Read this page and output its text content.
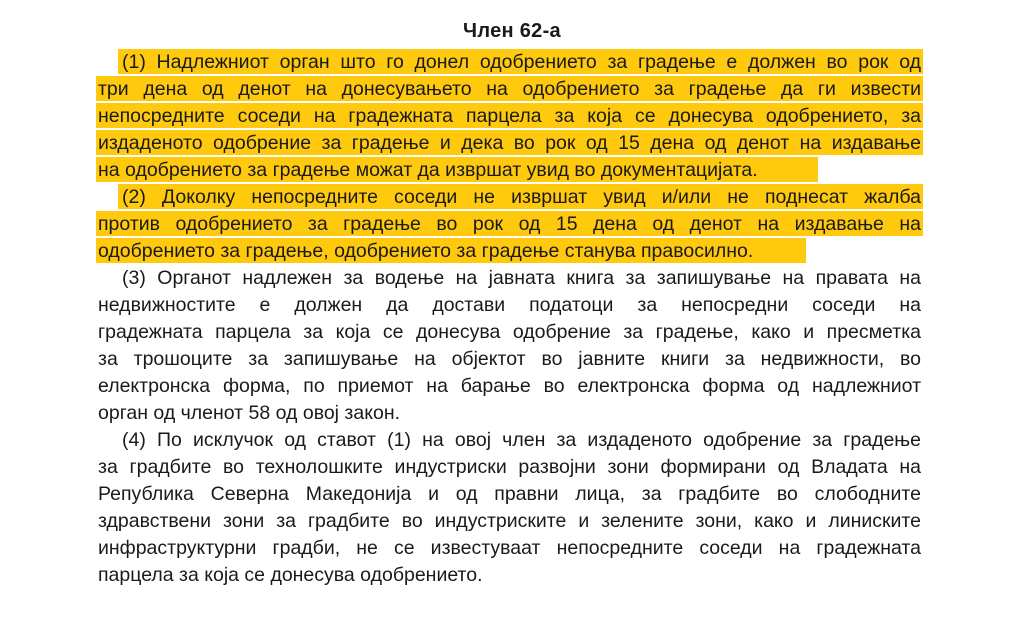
Член 62-а
(1) Надлежниот орган што го донел одобрението за градење е должен во рок од
три дена од денот на донесувањето на одобрението за градење да ги извести
непосредните соседи на градежната парцела за која се донесува одобрението, за
издаденото одобрение за градење и дека во рок од 15 дена од денот на издавање
на одобрението за градење можат да извршат увид во документацијата.
(2) Доколку непосредните соседи не извршат увид и/или не поднесат жалба
против одобрението за градење во рок од 15 дена од денот на издавање на
одобрението за градење, одобрението за градење станува правосилно.
(3) Органот надлежен за водење на јавната книга за запишување на правата на
недвижностите е должен да достави податоци за непосредни соседи на
градежната парцела за која се донесува одобрение за градење, како и пресметка
за трошоците за запишување на објектот во јавните книги за недвижности, во
електронска форма, по приемот на барање во електронска форма од надлежниот
орган од членот 58 од овој закон.
(4) По исклучок од ставот (1) на овој член за издаденото одобрение за градење
за градбите во технолошките индустриски развојни зони формирани од Владата на
Република Северна Македонија и од правни лица, за градбите во слободните
здравствени зони за градбите во индустриските и зелените зони, како и линиските
инфраструктурни градби, не се известуваат непосредните соседи на градежната
парцела за која се донесува одобрението.
